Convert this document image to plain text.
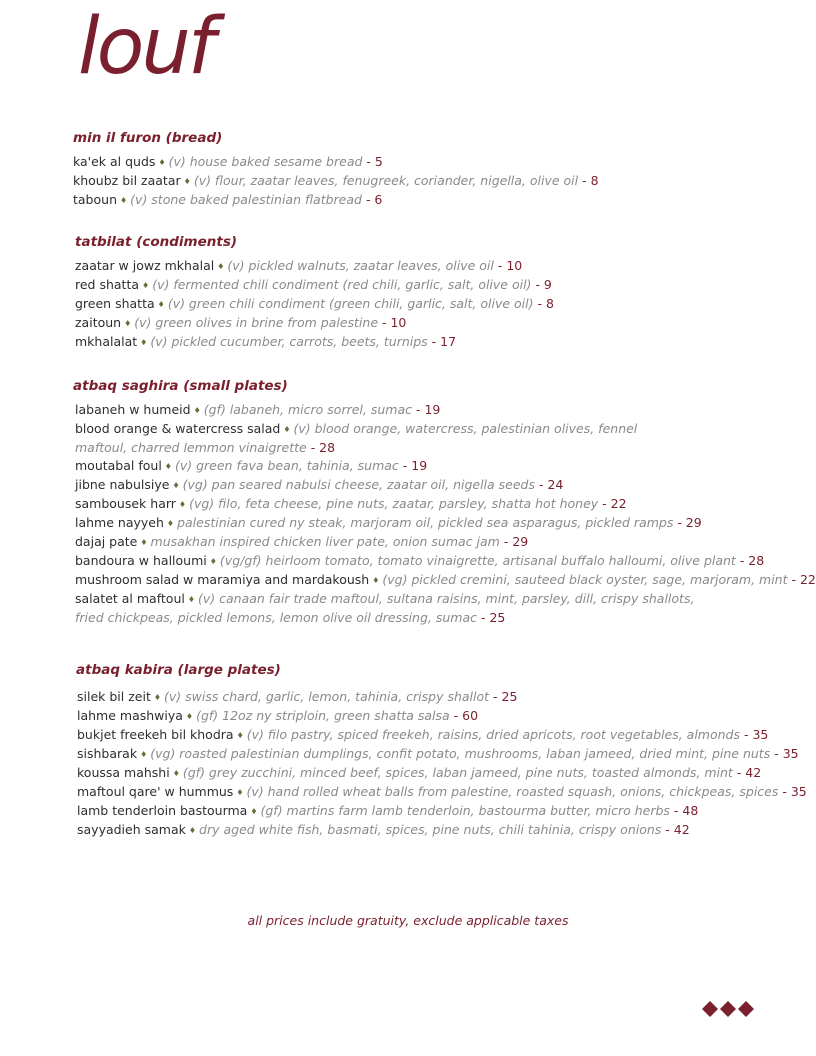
louf
min il furon (bread)
ka'ek al quds ♦ (v) house baked sesame bread - 5
khoubz bil zaatar ♦ (v) flour, zaatar leaves, fenugreek, coriander, nigella, olive oil - 8
taboun ♦ (v) stone baked palestinian flatbread - 6
tatbilat (condiments)
zaatar w jowz mkhalal ♦ (v) pickled walnuts, zaatar leaves, olive oil - 10
red shatta ♦ (v) fermented chili condiment (red chili, garlic, salt, olive oil) - 9
green shatta ♦ (v) green chili condiment (green chili, garlic, salt, olive oil) - 8
zaitoun ♦ (v) green olives in brine from palestine - 10
mkhalalat ♦ (v) pickled cucumber, carrots, beets, turnips - 17
atbaq saghira (small plates)
labaneh w humeid ♦ (gf) labaneh, micro sorrel, sumac - 19
blood orange & watercress salad ♦ (v) blood orange, watercress, palestinian olives, fennel
maftoul, charred lemmon vinaigrette - 28
moutabal foul ♦ (v) green fava bean, tahinia, sumac - 19
jibne nabulsiye ♦ (vg) pan seared nabulsi cheese, zaatar oil, nigella seeds - 24
sambousek harr ♦ (vg) filo, feta cheese, pine nuts, zaatar, parsley, shatta hot honey - 22
lahme nayyeh ♦ palestinian cured ny steak, marjoram oil, pickled sea asparagus, pickled ramps - 29
dajaj pate ♦ musakhan inspired chicken liver pate, onion sumac jam - 29
bandoura w halloumi ♦ (vg/gf) heirloom tomato, tomato vinaigrette, artisanal buffalo halloumi, olive plant - 28
mushroom salad w maramiya and mardakoush ♦ (vg) pickled cremini, sauteed black oyster, sage, marjoram, mint - 22
salatet al maftoul ♦ (v) canaan fair trade maftoul, sultana raisins, mint, parsley, dill, crispy shallots,
fried chickpeas, pickled lemons, lemon olive oil dressing, sumac - 25
atbaq kabira (large plates)
silek bil zeit ♦ (v) swiss chard, garlic, lemon, tahinia, crispy shallot - 25
lahme mashwiya ♦ (gf) 12oz ny striploin, green shatta salsa - 60
bukjet freekeh bil khodra ♦ (v) filo pastry, spiced freekeh, raisins, dried apricots, root vegetables, almonds - 35
sishbarak ♦ (vg) roasted palestinian dumplings, confit potato, mushrooms, laban jameed, dried mint, pine nuts - 35
koussa mahshi ♦ (gf) grey zucchini, minced beef, spices, laban jameed, pine nuts, toasted almonds, mint - 42
maftoul qare' w hummus ♦ (v) hand rolled wheat balls from palestine, roasted squash, onions, chickpeas, spices - 35
lamb tenderloin bastourma ♦ (gf) martins farm lamb tenderloin, bastourma butter, micro herbs - 48
sayyadieh samak ♦ dry aged white fish, basmati, spices, pine nuts, chili tahinia, crispy onions - 42
all prices include gratuity, exclude applicable taxes
